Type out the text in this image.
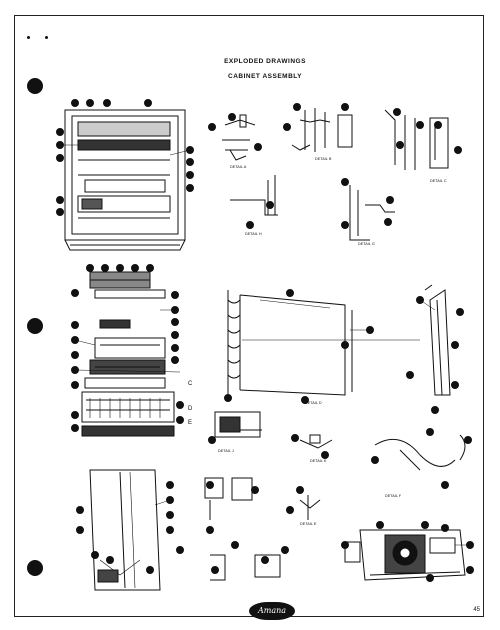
EXPLODED DRAWINGS
CABINET ASSEMBLY
C
D
E
DETAIL A
DETAIL B
DETAIL C
DETAIL H
DETAIL G
DETAIL D
DETAIL J
DETAIL K
DETAIL F
DETAIL E
Amana	45
